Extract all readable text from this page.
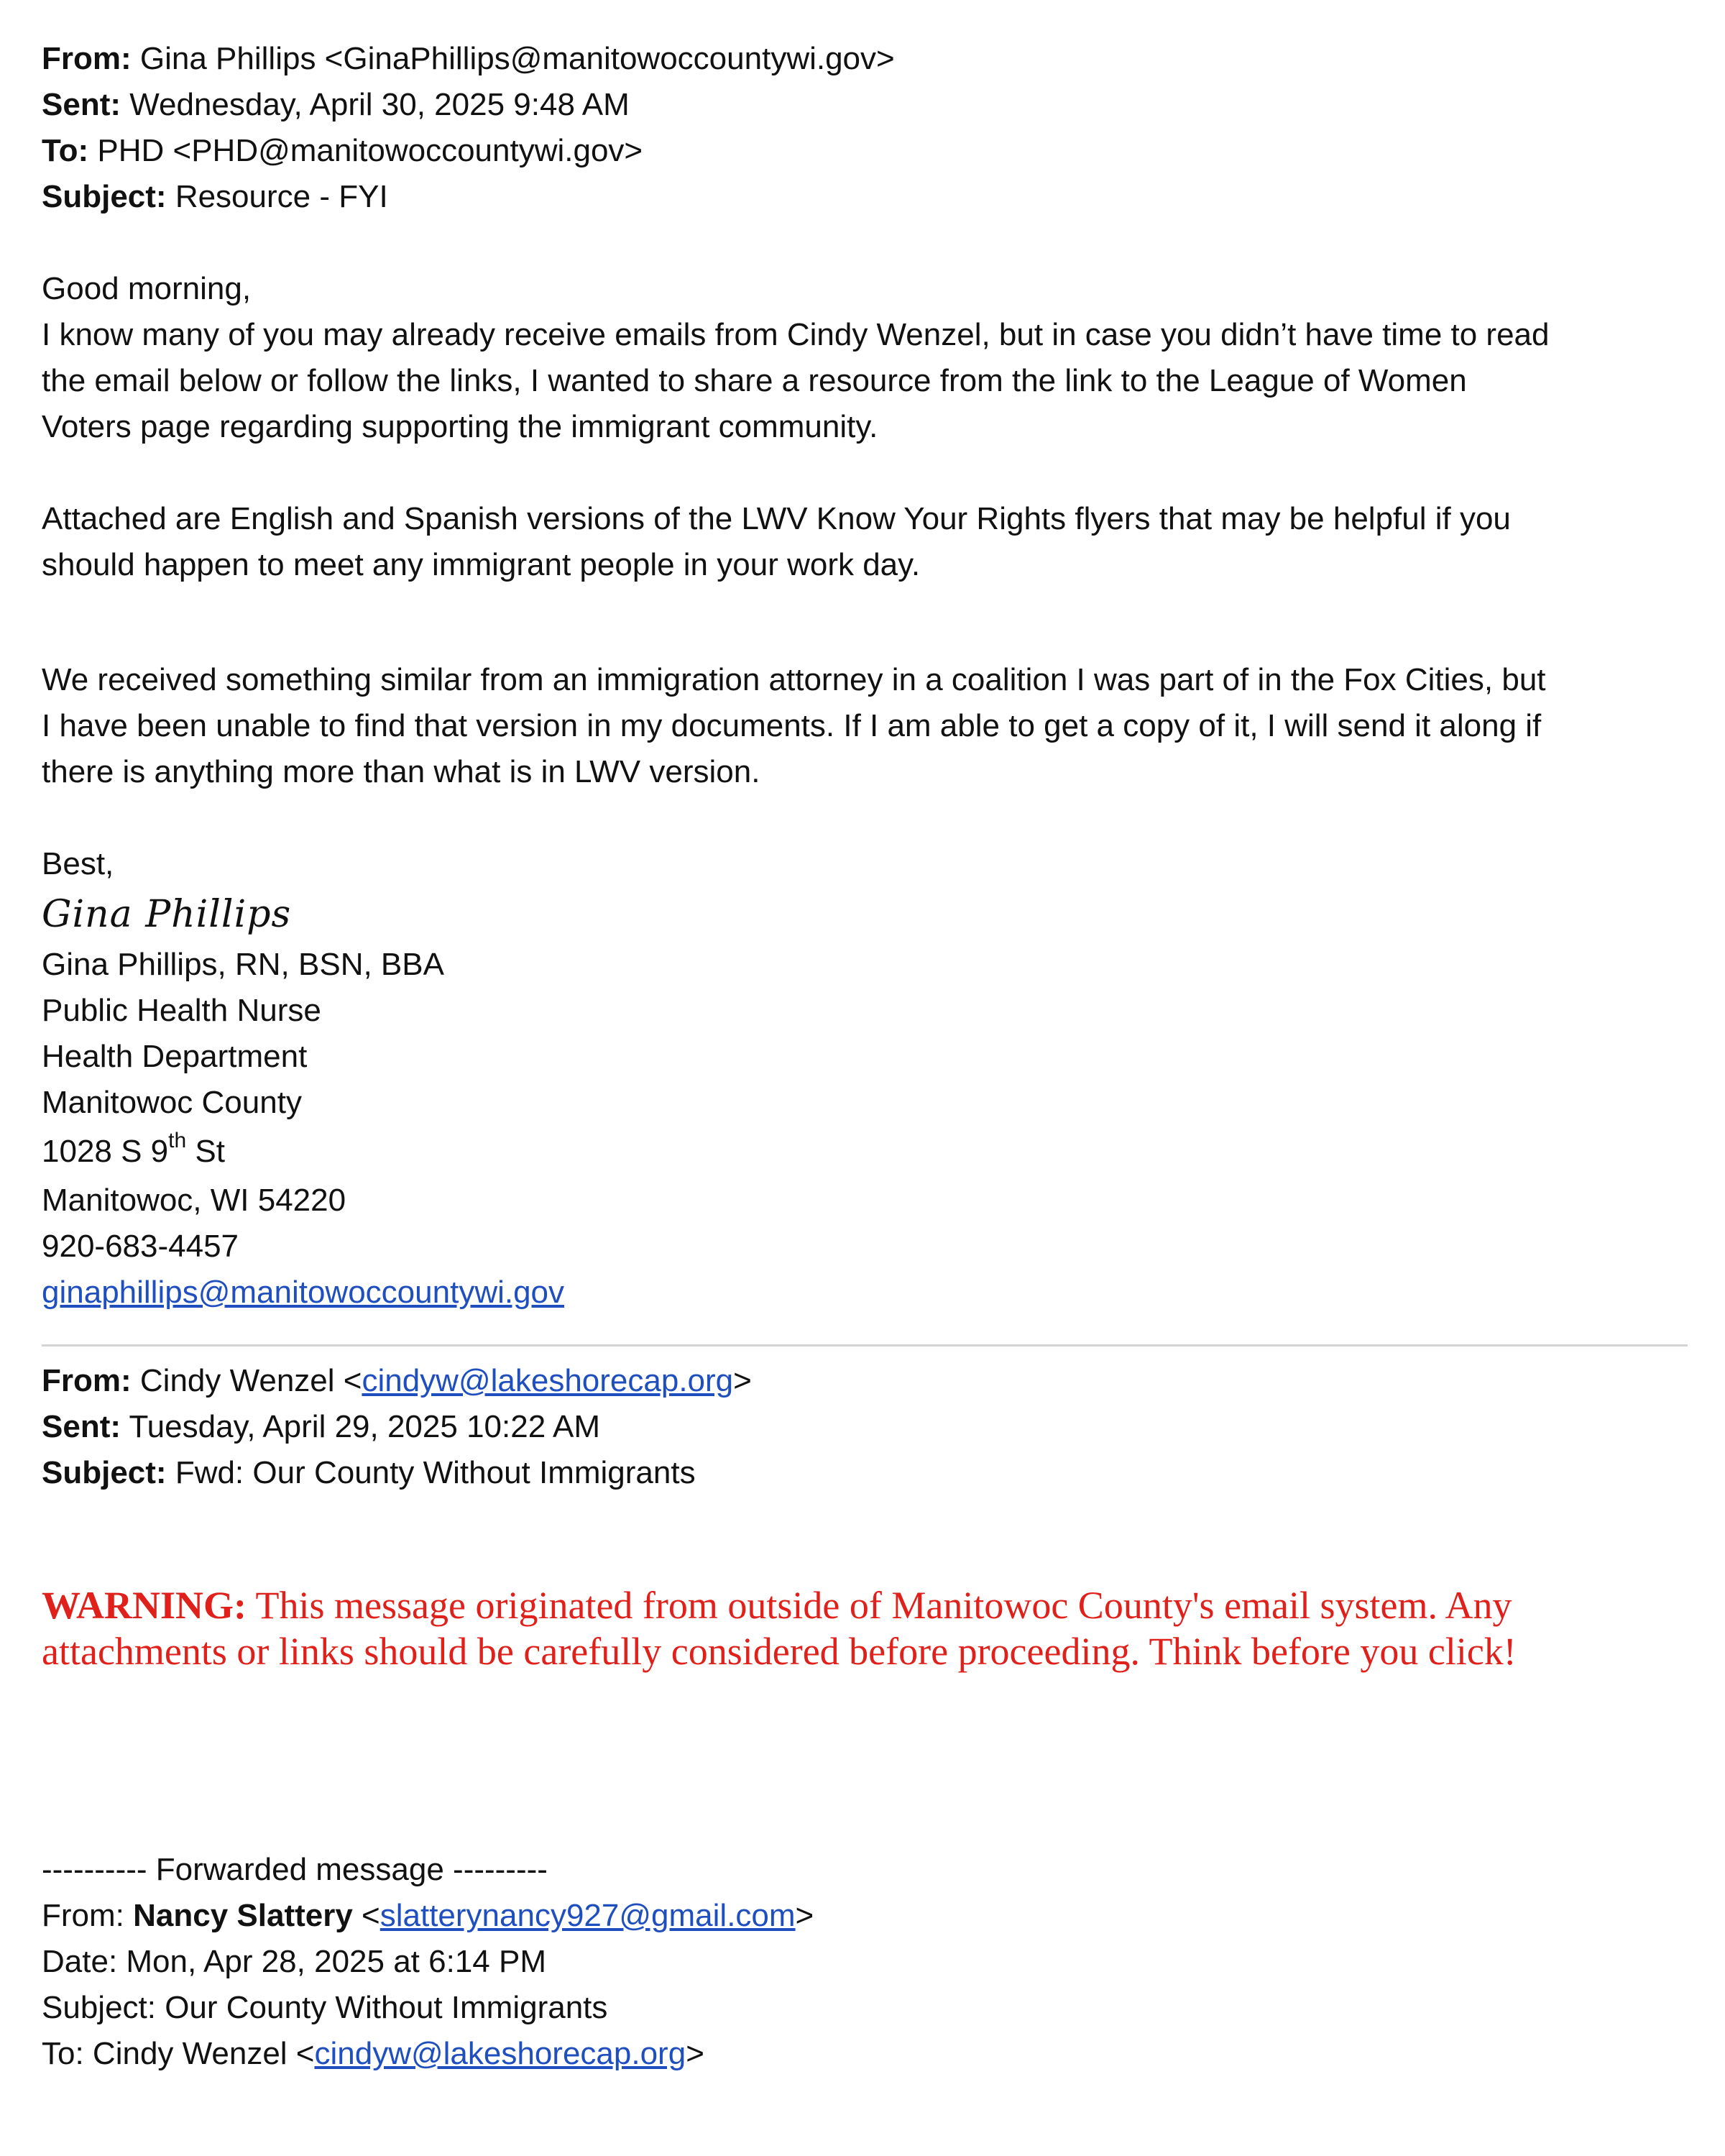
From: Gina Phillips <GinaPhillips@manitowoccountywi.gov>
Sent: Wednesday, April 30, 2025 9:48 AM
To: PHD <PHD@manitowoccountywi.gov>
Subject: Resource - FYI
Good morning,
I know many of you may already receive emails from Cindy Wenzel, but in case you didn’t have time to read
the email below or follow the links, I wanted to share a resource from the link to the League of Women
Voters page regarding supporting the immigrant community.
Attached are English and Spanish versions of the LWV Know Your Rights flyers that may be helpful if you
should happen to meet any immigrant people in your work day.
We received something similar from an immigration attorney in a coalition I was part of in the Fox Cities, but
I have been unable to find that version in my documents. If I am able to get a copy of it, I will send it along if
there is anything more than what is in LWV version.
Best,
Gina Phillips
Gina Phillips, RN, BSN, BBA
Public Health Nurse
Health Department
Manitowoc County
1028 S 9th St
Manitowoc, WI 54220
920-683-4457
ginaphillips@manitowoccountywi.gov
From: Cindy Wenzel <cindyw@lakeshorecap.org>
Sent: Tuesday, April 29, 2025 10:22 AM
Subject: Fwd: Our County Without Immigrants
WARNING: This message originated from outside of Manitowoc County's email system. Any
attachments or links should be carefully considered before proceeding. Think before you click!
---------- Forwarded message ---------
From: Nancy Slattery <slatterynancy927@gmail.com>
Date: Mon, Apr 28, 2025 at 6:14 PM
Subject: Our County Without Immigrants
To: Cindy Wenzel <cindyw@lakeshorecap.org>
